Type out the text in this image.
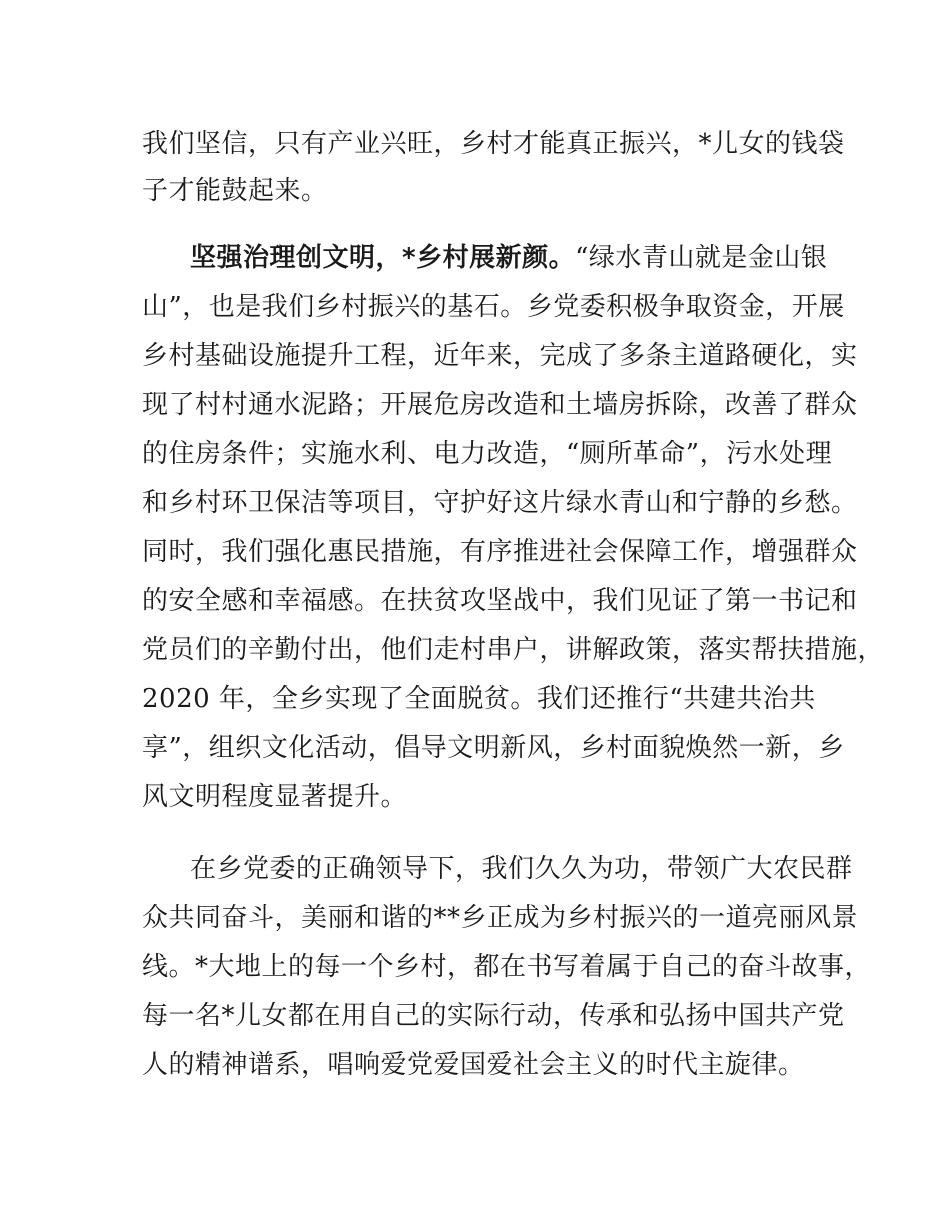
我们坚信，只有产业兴旺，乡村才能真正振兴，*儿女的钱袋
子才能鼓起来。
坚强治理创文明，*乡村展新颜。“绿水青山就是金山银
山”，也是我们乡村振兴的基石。乡党委积极争取资金，开展
乡村基础设施提升工程，近年来，完成了多条主道路硬化，实
现了村村通水泥路；开展危房改造和土墙房拆除，改善了群众
的住房条件；实施水利、电力改造，“厕所革命”，污水处理
和乡村环卫保洁等项目，守护好这片绿水青山和宁静的乡愁。
同时，我们强化惠民措施，有序推进社会保障工作，增强群众
的安全感和幸福感。在扶贫攻坚战中，我们见证了第一书记和
党员们的辛勤付出，他们走村串户，讲解政策，落实帮扶措施，
2020 年，全乡实现了全面脱贫。我们还推行“共建共治共
享”，组织文化活动，倡导文明新风，乡村面貌焕然一新，乡
风文明程度显著提升。
在乡党委的正确领导下，我们久久为功，带领广大农民群
众共同奋斗，美丽和谐的**乡正成为乡村振兴的一道亮丽风景
线。*大地上的每一个乡村，都在书写着属于自己的奋斗故事，
每一名*儿女都在用自己的实际行动，传承和弘扬中国共产党
人的精神谱系，唱响爱党爱国爱社会主义的时代主旋律。
